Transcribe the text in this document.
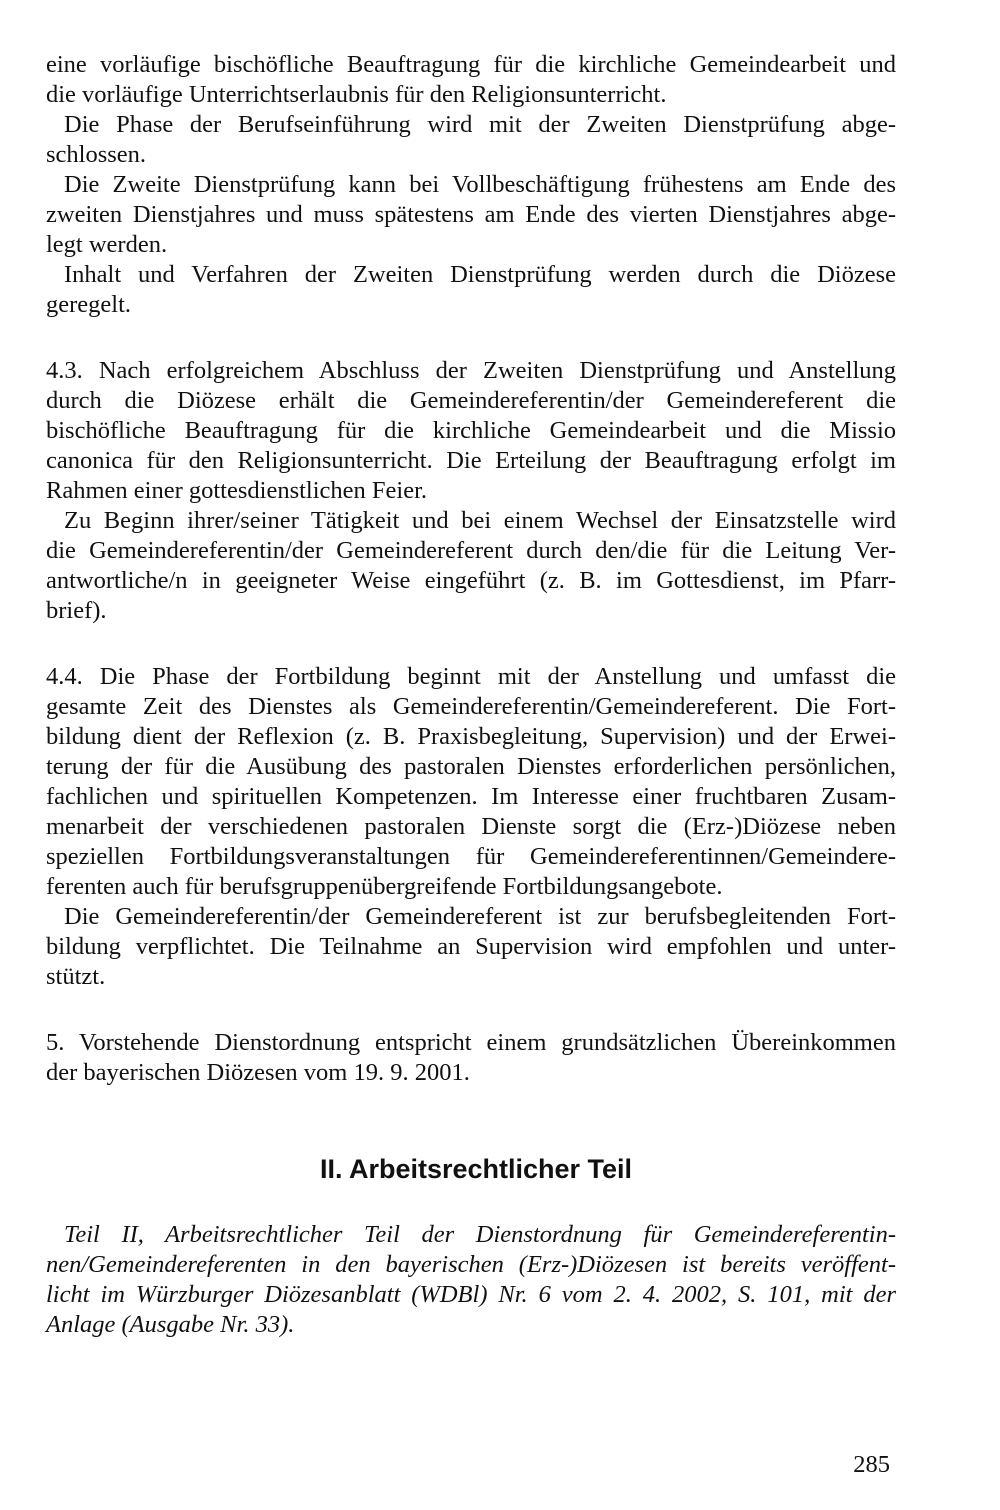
eine vorläufige bischöfliche Beauftragung für die kirchliche Gemeindearbeit und
die vorläufige Unterrichtserlaubnis für den Religionsunterricht.
Die Phase der Berufseinführung wird mit der Zweiten Dienstprüfung abge-
schlossen.
Die Zweite Dienstprüfung kann bei Vollbeschäftigung frühestens am Ende des
zweiten Dienstjahres und muss spätestens am Ende des vierten Dienstjahres abge-
legt werden.
Inhalt und Verfahren der Zweiten Dienstprüfung werden durch die Diözese
geregelt.
4.3. Nach erfolgreichem Abschluss der Zweiten Dienstprüfung und Anstellung
durch die Diözese erhält die Gemeindereferentin/der Gemeindereferent die
bischöfliche Beauftragung für die kirchliche Gemeindearbeit und die Missio
canonica für den Religionsunterricht. Die Erteilung der Beauftragung erfolgt im
Rahmen einer gottesdienstlichen Feier.
Zu Beginn ihrer/seiner Tätigkeit und bei einem Wechsel der Einsatzstelle wird
die Gemeindereferentin/der Gemeindereferent durch den/die für die Leitung Ver-
antwortliche/n in geeigneter Weise eingeführt (z. B. im Gottesdienst, im Pfarr-
brief).
4.4. Die Phase der Fortbildung beginnt mit der Anstellung und umfasst die
gesamte Zeit des Dienstes als Gemeindereferentin/Gemeindereferent. Die Fort-
bildung dient der Reflexion (z. B. Praxisbegleitung, Supervision) und der Erwei-
terung der für die Ausübung des pastoralen Dienstes erforderlichen persönlichen,
fachlichen und spirituellen Kompetenzen. Im Interesse einer fruchtbaren Zusam-
menarbeit der verschiedenen pastoralen Dienste sorgt die (Erz-)Diözese neben
speziellen Fortbildungsveranstaltungen für Gemeindereferentinnen/Gemeindere-
ferenten auch für berufsgruppenübergreifende Fortbildungsangebote.
Die Gemeindereferentin/der Gemeindereferent ist zur berufsbegleitenden Fort-
bildung verpflichtet. Die Teilnahme an Supervision wird empfohlen und unter-
stützt.
5. Vorstehende Dienstordnung entspricht einem grundsätzlichen Übereinkommen
der bayerischen Diözesen vom 19. 9. 2001.
II. Arbeitsrechtlicher Teil
Teil II, Arbeitsrechtlicher Teil der Dienstordnung für Gemeindereferentin-
nen/Gemeindereferenten in den bayerischen (Erz-)Diözesen ist bereits veröffent-
licht im Würzburger Diözesanblatt (WDBl) Nr. 6 vom 2. 4. 2002, S. 101, mit der
Anlage (Ausgabe Nr. 33).
285
